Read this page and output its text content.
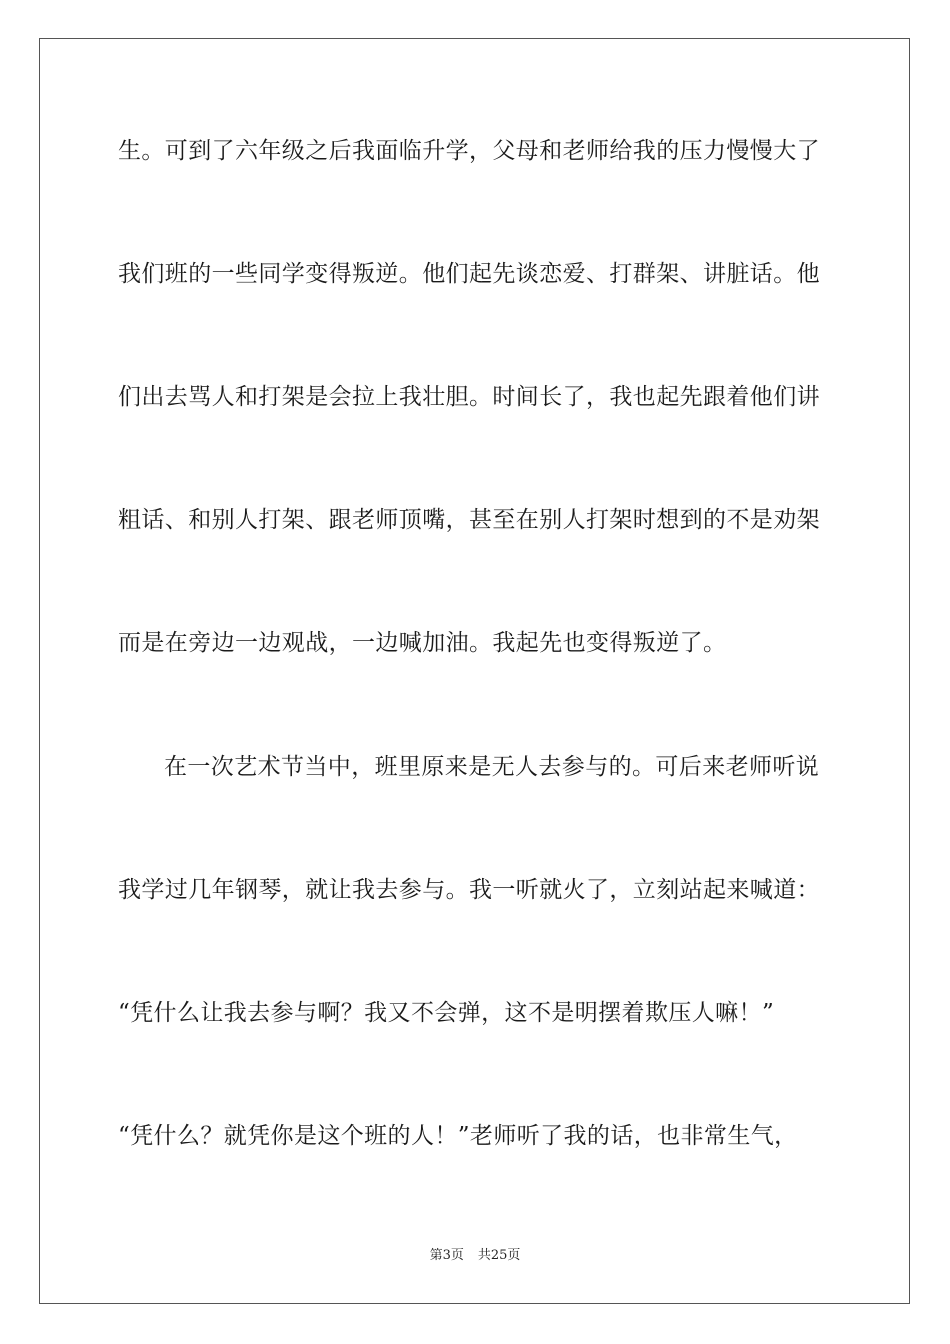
生。可到了六年级之后我面临升学，父母和老师给我的压力慢慢大了
我们班的一些同学变得叛逆。他们起先谈恋爱、打群架、讲脏话。他
们出去骂人和打架是会拉上我壮胆。时间长了，我也起先跟着他们讲
粗话、和别人打架、跟老师顶嘴，甚至在别人打架时想到的不是劝架
而是在旁边一边观战，一边喊加油。我起先也变得叛逆了。
在一次艺术节当中，班里原来是无人去参与的。可后来老师听说
我学过几年钢琴，就让我去参与。我一听就火了，立刻站起来喊道：
“凭什么让我去参与啊？我又不会弹，这不是明摆着欺压人嘛！”
“凭什么？就凭你是这个班的人！”老师听了我的话，也非常生气，
第3页 共25页
